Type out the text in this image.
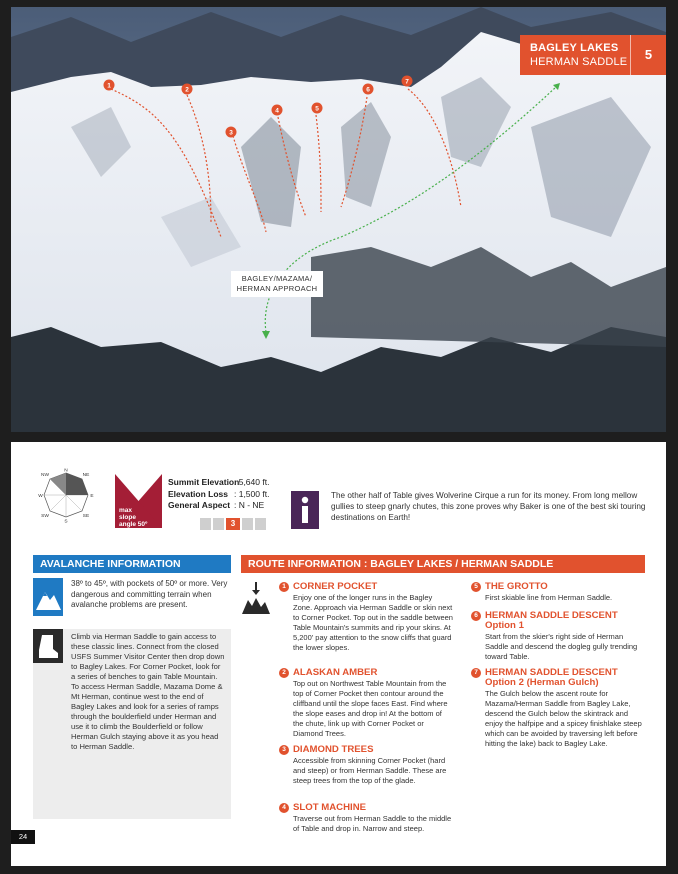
1
2
3
4	5
6
7
BAGLEY LAKES
HERMAN SADDLE	5
BAGLEY/MAZAMA/
HERMAN APPROACH
N
NE
E
SE
S
SW
W
NW
max
slope
angle 50º
Summit Elevation: 5,640 ft.
Elevation Loss : 1,500 ft.
General Aspect : N - NE
3
The other half of Table gives Wolverine Cirque a run for its money. From long mellow gullies to steep gnarly chutes, this zone proves why Baker is one of the best ski touring destinations on Earth!
AVALANCHE INFORMATION	ROUTE INFORMATION : BAGLEY LAKES / HERMAN SADDLE
38º to 45º, with pockets of 50º or more. Very dangerous and committing terrain when avalanche problems are present.
Climb via Herman Saddle to gain access to these classic lines. Connect from the closed USFS Summer Visitor Center then drop down to Bagley Lakes. For Corner Pocket, look for a series of benches to gain Table Mountain. To access Herman Saddle, Mazama Dome & Mt Herman, continue west to the end of Bagley Lakes and look for a series of ramps through the boulderfield under Herman and use it to climb the Boulderfield or follow Herman Gulch staying above it as you head to Herman Saddle.
24
1 CORNER POCKET
Enjoy one of the longer runs in the Bagley Zone. Approach via Herman Saddle or skin next to Corner Pocket. Top out in the saddle between Table Mountain's summits and rip your skins. At 5,200' pay attention to the snow cliffs that guard the lower slopes.
2 ALASKAN AMBER
Top out on Northwest Table Mountain from the top of Corner Pocket then contour around the cliffband until the slope faces East. Find where the slope eases and drop in! At the bottom of the chute, link up with Corner Pocket or Diamond Trees.
3 DIAMOND TREES
Accessible from skinning Corner Pocket (hard and steep) or from Herman Saddle. These are steep trees from the top of the glade.
4 SLOT MACHINE
Traverse out from Herman Saddle to the middle of Table and drop in. Narrow and steep.
5 THE GROTTO
First skiable line from Herman Saddle.
6 HERMAN SADDLE DESCENT
Option 1
Start from the skier's right side of Herman Saddle and descend the dogleg gully trending toward Table.
7 HERMAN SADDLE DESCENT
Option 2 (Herman Gulch)
The Gulch below the ascent route for Mazama/Herman Saddle from Bagley Lake, descend the Gulch below the skintrack and enjoy the halfpipe and a spicey finishlake steep which can be avoided by traversing left before hitting the lake) back to Bagley Lake.
